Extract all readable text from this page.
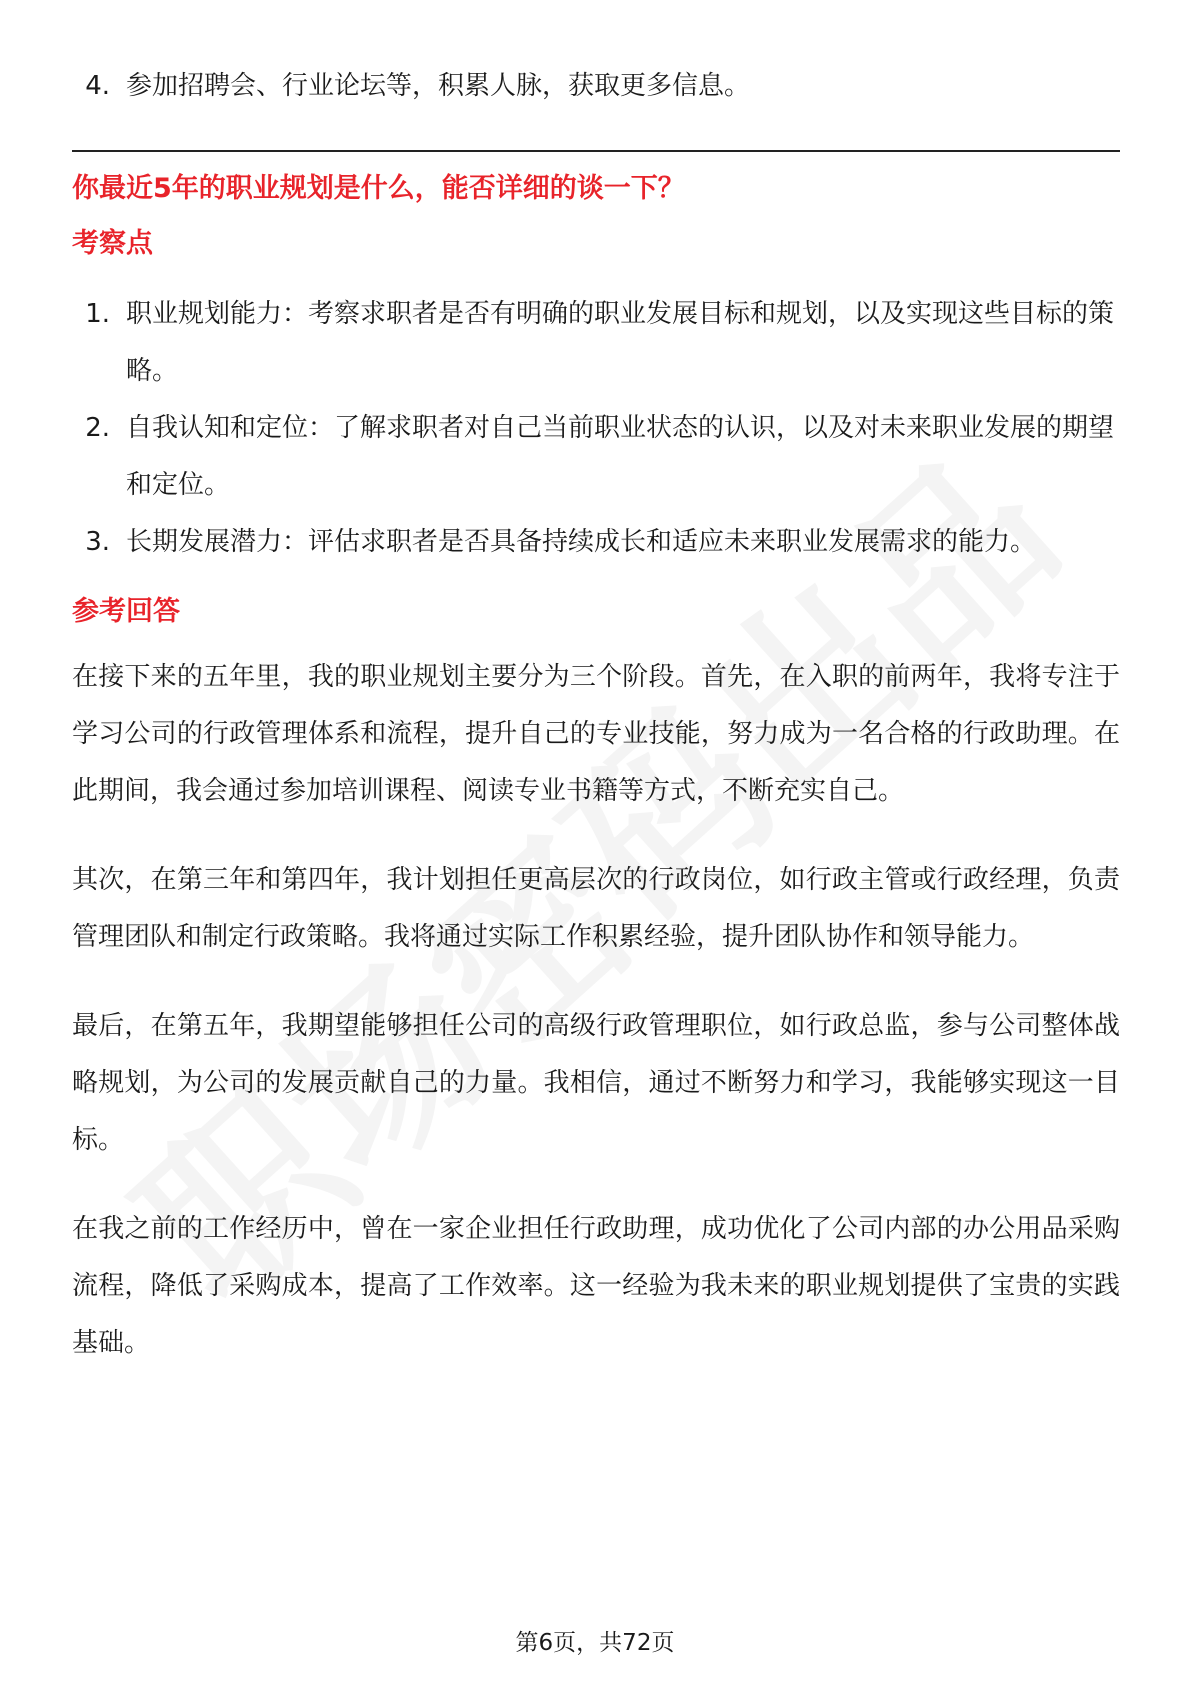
4. 参加招聘会、行业论坛等，积累人脉，获取更多信息。
你最近5年的职业规划是什么，能否详细的谈一下？
考察点
1. 职业规划能力：考察求职者是否有明确的职业发展目标和规划，以及实现这些目标的策略。
2. 自我认知和定位：了解求职者对自己当前职业状态的认识，以及对未来职业发展的期望和定位。
3. 长期发展潜力：评估求职者是否具备持续成长和适应未来职业发展需求的能力。
参考回答

在接下来的五年里，我的职业规划主要分为三个阶段。首先，在入职的前两年，我将专注于学习公司的行政管理体系和流程，提升自己的专业技能，努力成为一名合格的行政助理。在此期间，我会通过参加培训课程、阅读专业书籍等方式，不断充实自己。

其次，在第三年和第四年，我计划担任更高层次的行政岗位，如行政主管或行政经理，负责管理团队和制定行政策略。我将通过实际工作积累经验，提升团队协作和领导能力。

最后，在第五年，我期望能够担任公司的高级行政管理职位，如行政总监，参与公司整体战略规划，为公司的发展贡献自己的力量。我相信，通过不断努力和学习，我能够实现这一目标。

在我之前的工作经历中，曾在一家企业担任行政助理，成功优化了公司内部的办公用品采购流程，降低了采购成本，提高了工作效率。这一经验为我未来的职业规划提供了宝贵的实践基础。

第6页，共72页
